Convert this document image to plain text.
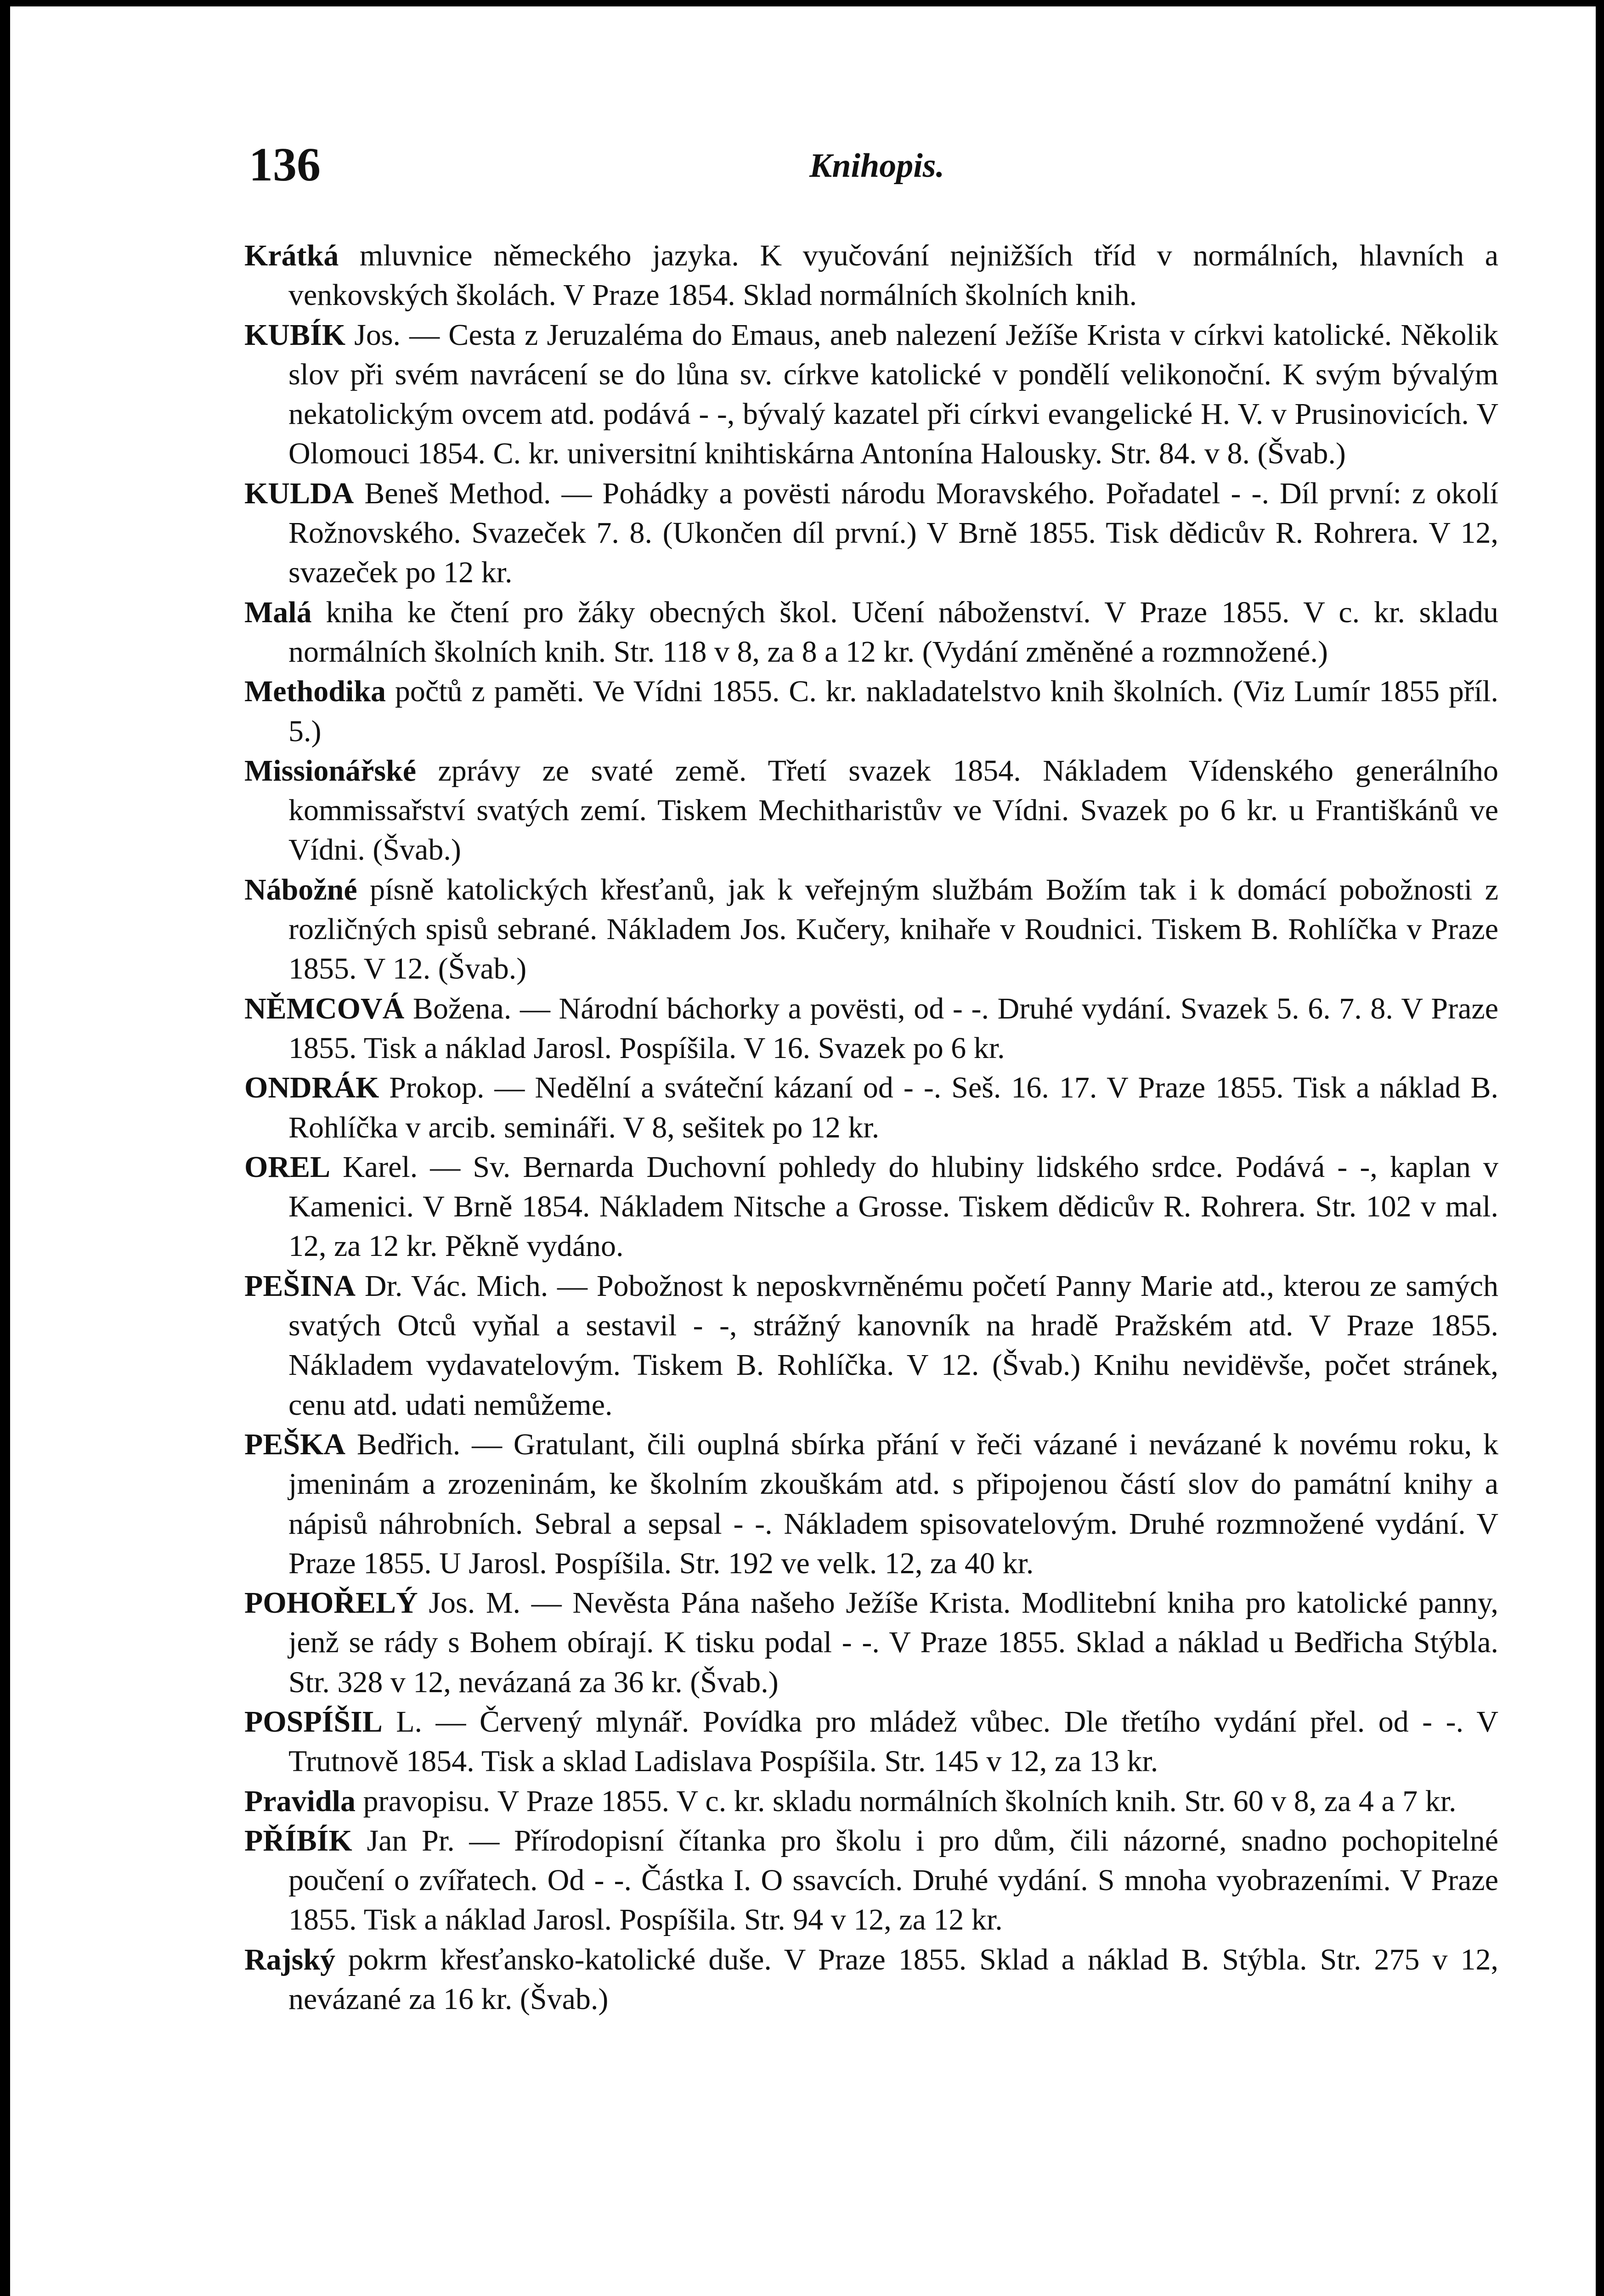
136	Knihopis.

Krátká mluvnice německého jazyka. K vyučování nejnižších tříd v normálních, hlavních a venkovských školách. V Praze 1854. Sklad normálních školních knih.

KUBÍK Jos. — Cesta z Jeruzaléma do Emaus, aneb nalezení Ježíše Krista v církvi katolické. Několik slov při svém navrácení se do lůna sv. církve katolické v pondělí velikonoční. K svým bývalým nekatolickým ovcem atd. podává - -, bývalý kazatel při církvi evangelické H. V. v Prusinovicích. V Olomouci 1854. C. kr. universitní knihtiskárna Antonína Halousky. Str. 84. v 8. (Švab.)

KULDA Beneš Method. — Pohádky a povësti národu Moravského. Pořadatel - -. Díl první: z okolí Rožnovského. Svazeček 7. 8. (Ukončen díl první.) V Brně 1855. Tisk dědicův R. Rohrera. V 12, svazeček po 12 kr.

Malá kniha ke čtení pro žáky obecných škol. Učení náboženství. V Praze 1855. V c. kr. skladu normálních školních knih. Str. 118 v 8, za 8 a 12 kr. (Vydání změněné a rozmnožené.)

Methodika počtů z paměti. Ve Vídni 1855. C. kr. nakladatelstvo knih školních. (Viz Lumír 1855 příl. 5.)

Missionářské zprávy ze svaté země. Třetí svazek 1854. Nákladem Vídenského generálního kommissařství svatých zemí. Tiskem Mechitharistův ve Vídni. Svazek po 6 kr. u Františkánů ve Vídni. (Švab.)

Nábožné písně katolických křesťanů, jak k veřejným službám Božím tak i k domácí pobožnosti z rozličných spisů sebrané. Nákladem Jos. Kučery, knihaře v Roudnici. Tiskem B. Rohlíčka v Praze 1855. V 12. (Švab.)

NĚMCOVÁ Božena. — Národní báchorky a povësti, od - -. Druhé vydání. Svazek 5. 6. 7. 8. V Praze 1855. Tisk a náklad Jarosl. Pospíšila. V 16. Svazek po 6 kr.

ONDRÁK Prokop. — Nedělní a sváteční kázaní od - -. Seš. 16. 17. V Praze 1855. Tisk a náklad B. Rohlíčka v arcib. semináři. V 8, sešitek po 12 kr.

OREL Karel. — Sv. Bernarda Duchovní pohledy do hlubiny lidského srdce. Podává - -, kaplan v Kamenici. V Brně 1854. Nákladem Nitsche a Grosse. Tiskem dědicův R. Rohrera. Str. 102 v mal. 12, za 12 kr. Pěkně vydáno.

PEŠINA Dr. Vác. Mich. — Pobožnost k neposkvrněnému početí Panny Marie atd., kterou ze samých svatých Otců vyňal a sestavil - -, strážný kanovník na hradě Pražském atd. V Praze 1855. Nákladem vydavatelovým. Tiskem B. Rohlíčka. V 12. (Švab.) Knihu nevidëvše, počet stránek, cenu atd. udati nemůžeme.

PEŠKA Bedřich. — Gratulant, čili ouplná sbírka přání v řeči vázané i nevázané k novému roku, k jmeninám a zrozeninám, ke školním zkouškám atd. s připojenou částí slov do památní knihy a nápisů náhrobních. Sebral a sepsal - -. Nákladem spisovatelovým. Druhé rozmnožené vydání. V Praze 1855. U Jarosl. Pospíšila. Str. 192 ve velk. 12, za 40 kr.

POHOŘELÝ Jos. M. — Nevěsta Pána našeho Ježíše Krista. Modlitební kniha pro katolické panny, jenž se rády s Bohem obírají. K tisku podal - -. V Praze 1855. Sklad a náklad u Bedřicha Stýbla. Str. 328 v 12, nevázaná za 36 kr. (Švab.)

POSPÍŠIL L. — Červený mlynář. Povídka pro mládež vůbec. Dle třetího vydání přel. od - -. V Trutnově 1854. Tisk a sklad Ladislava Pospíšila. Str. 145 v 12, za 13 kr.

Pravidla pravopisu. V Praze 1855. V c. kr. skladu normálních školních knih. Str. 60 v 8, za 4 a 7 kr.

PŘÍBÍK Jan Pr. — Přírodopisní čítanka pro školu i pro dům, čili názorné, snadno pochopitelné poučení o zvířatech. Od - -. Částka I. O ssavcích. Druhé vydání. S mnoha vyobrazeními. V Praze 1855. Tisk a náklad Jarosl. Pospíšila. Str. 94 v 12, za 12 kr.

Rajský pokrm křesťansko-katolické duše. V Praze 1855. Sklad a náklad B. Stýbla. Str. 275 v 12, nevázané za 16 kr. (Švab.)
